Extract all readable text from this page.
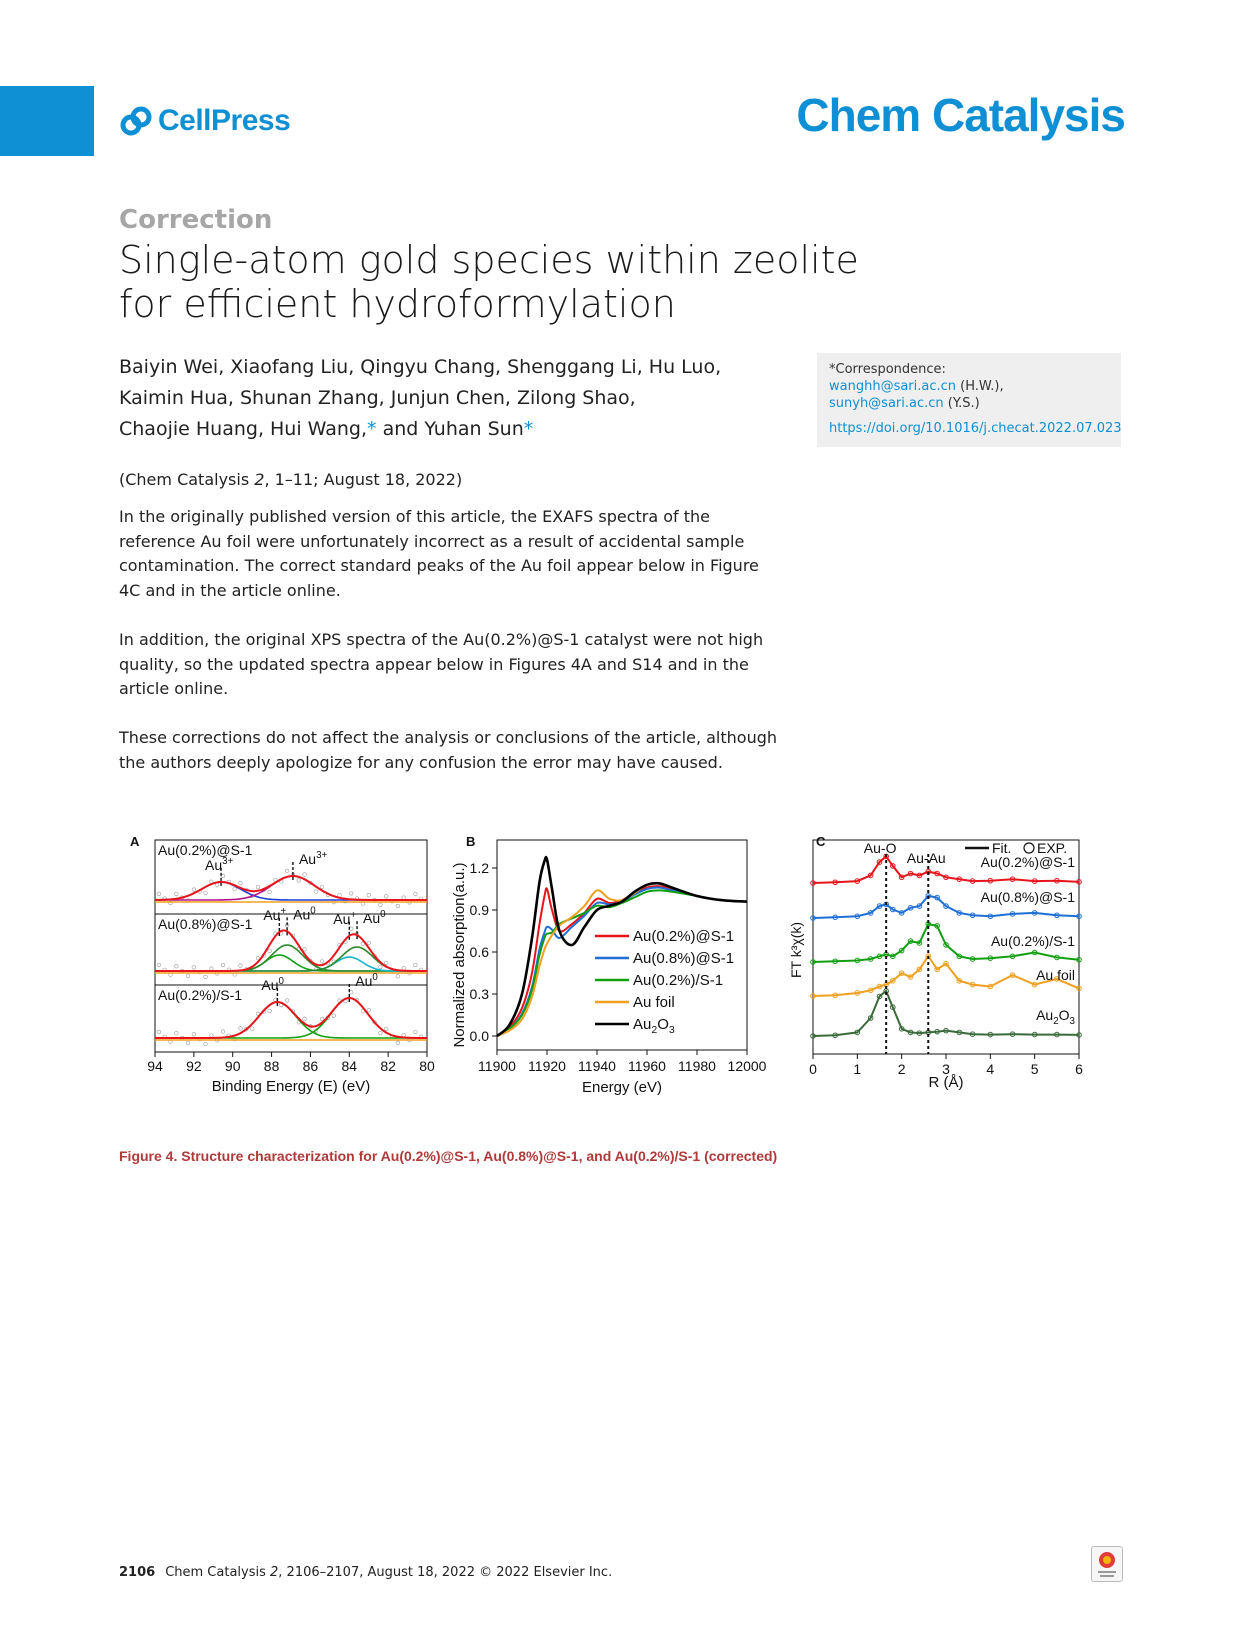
CellPress	Chem Catalysis
Correction
Single-atom gold species within zeolite
for efficient hydroformylation
Baiyin Wei, Xiaofang Liu, Qingyu Chang, Shenggang Li, Hu Luo,
Kaimin Hua, Shunan Zhang, Junjun Chen, Zilong Shao,
Chaojie Huang, Hui Wang,* and Yuhan Sun*
*Correspondence:
wanghh@sari.ac.cn (H.W.),
sunyh@sari.ac.cn (Y.S.)
https://doi.org/10.1016/j.checat.2022.07.023
(Chem Catalysis 2, 1–11; August 18, 2022)
In the originally published version of this article, the EXAFS spectra of the reference Au foil were unfortunately incorrect as a result of accidental sample contamination. The correct standard peaks of the Au foil appear below in Figure 4C and in the article online.
In addition, the original XPS spectra of the Au(0.2%)@S-1 catalyst were not high quality, so the updated spectra appear below in Figures 4A and S14 and in the article online.
These corrections do not affect the analysis or conclusions of the article, although the authors deeply apologize for any confusion the error may have caused.
A	B	C
Au(0.2%)@S-1
$Au^{3+}$	$Au^{3+}$
Au(0.8%)@S-1
Au+ Au$^0$ Au+ Au$^0$
Au(0.2%)/S-1
Au$^0$	Au$^0$
94 92 90 88 86 84 82 80
Binding Energy (E) (eV)
11900 11920 11940 11960 11980 12000
0.0
0.3
0.6
0.9
1.2
Energy (eV)
Normalized absorption(a.u.)	Au(0.2%)@S-1
Au(0.8%)@S-1
Au(0.2%)/S-1
Au foil
$Au_2O_3$
Au(0.2%)@S-1
Au(0.8%)@S-1
Au(0.2%)/S-1
Au foil
$Au_2O_3$
Au-O
Au-Au
Fit. EXP.
0	1	2	3	4	5	6
R (Å)
FT k³χ(k)
Figure 4. Structure characterization for Au(0.2%)@S-1, Au(0.8%)@S-1, and Au(0.2%)/S-1 (corrected)
2106 Chem Catalysis 2, 2106–2107, August 18, 2022 © 2022 Elsevier Inc.
